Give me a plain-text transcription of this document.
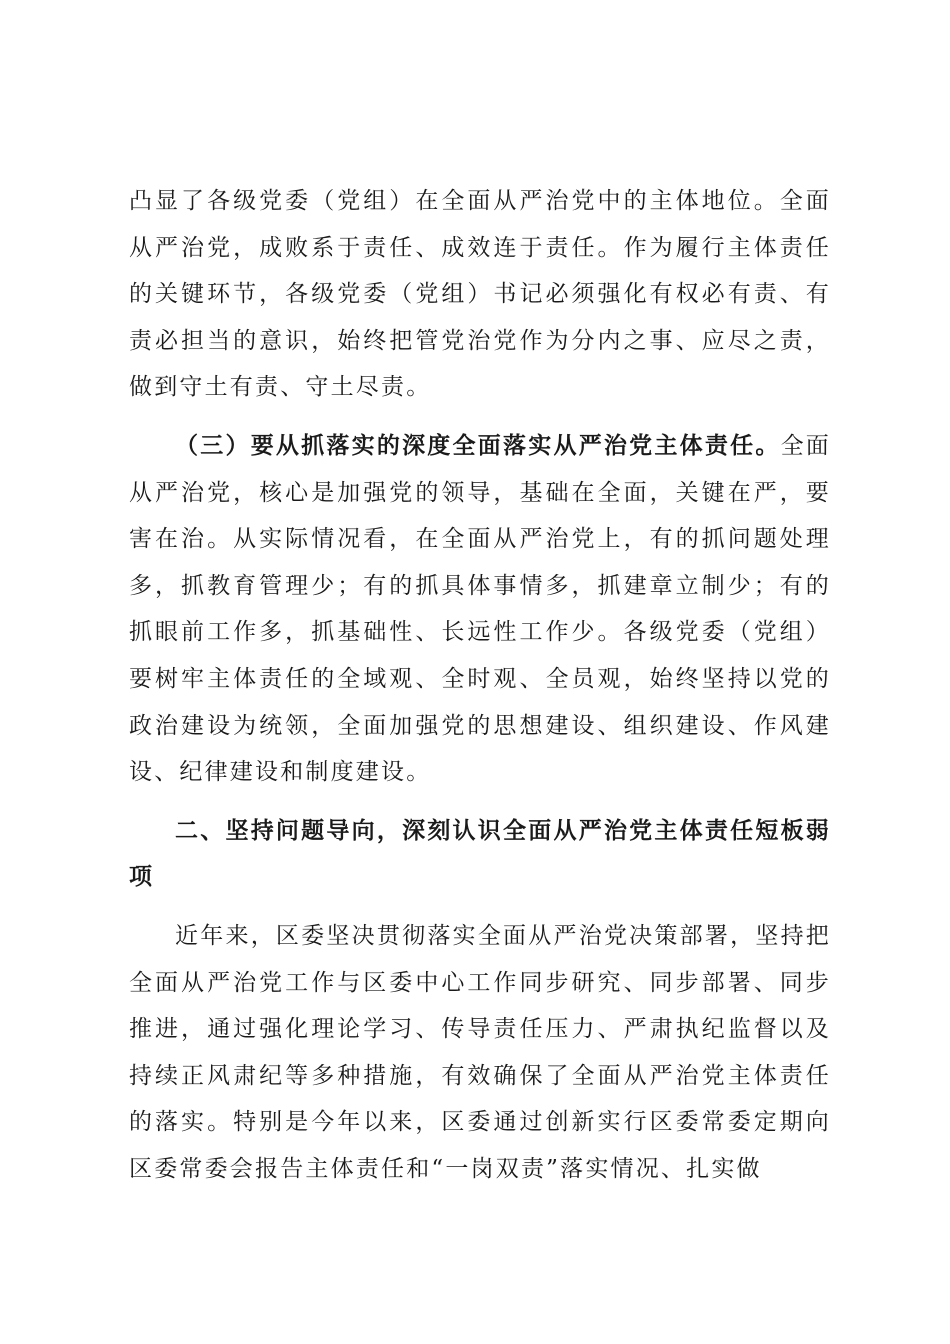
凸显了各级党委（党组）在全面从严治党中的主体地位。全面从严治党，成败系于责任、成效连于责任。作为履行主体责任的关键环节，各级党委（党组）书记必须强化有权必有责、有责必担当的意识，始终把管党治党作为分内之事、应尽之责，做到守土有责、守土尽责。

（三）要从抓落实的深度全面落实从严治党主体责任。全面从严治党，核心是加强党的领导，基础在全面，关键在严，要害在治。从实际情况看，在全面从严治党上，有的抓问题处理多，抓教育管理少；有的抓具体事情多，抓建章立制少；有的抓眼前工作多，抓基础性、长远性工作少。各级党委（党组）要树牢主体责任的全域观、全时观、全员观，始终坚持以党的政治建设为统领，全面加强党的思想建设、组织建设、作风建设、纪律建设和制度建设。

二、坚持问题导向，深刻认识全面从严治党主体责任短板弱项

近年来，区委坚决贯彻落实全面从严治党决策部署，坚持把全面从严治党工作与区委中心工作同步研究、同步部署、同步推进，通过强化理论学习、传导责任压力、严肃执纪监督以及持续正风肃纪等多种措施，有效确保了全面从严治党主体责任的落实。特别是今年以来，区委通过创新实行区委常委定期向区委常委会报告主体责任和“一岗双责”落实情况、扎实做
